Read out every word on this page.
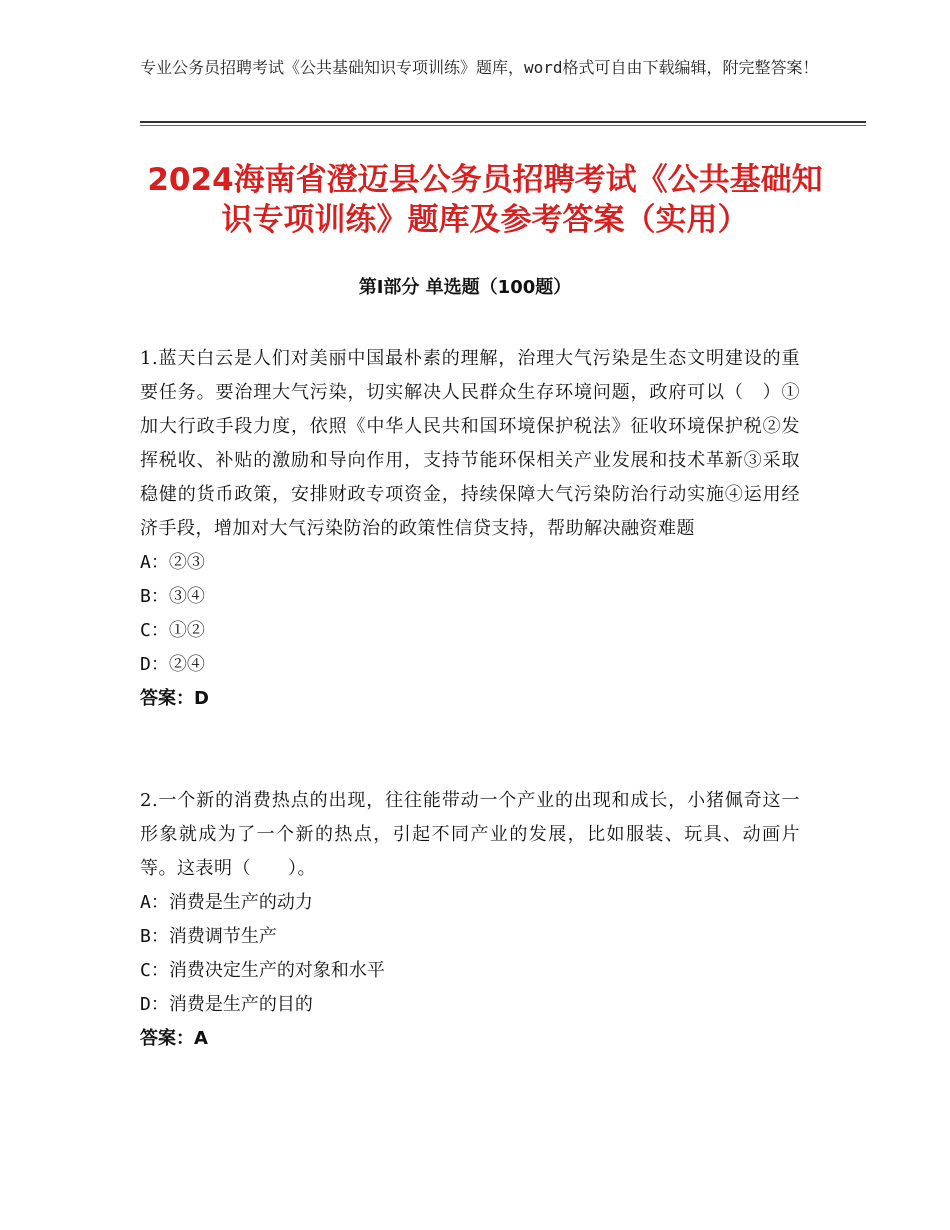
专业公务员招聘考试《公共基础知识专项训练》题库，word格式可自由下载编辑，附完整答案！
2024海南省澄迈县公务员招聘考试《公共基础知识专项训练》题库及参考答案（实用）
第Ⅰ部分 单选题（100题）
1.蓝天白云是人们对美丽中国最朴素的理解，治理大气污染是生态文明建设的重要任务。要治理大气污染，切实解决人民群众生存环境问题，政府可以（　）①加大行政手段力度，依照《中华人民共和国环境保护税法》征收环境保护税②发挥税收、补贴的激励和导向作用，支持节能环保相关产业发展和技术革新③采取稳健的货币政策，安排财政专项资金，持续保障大气污染防治行动实施④运用经济手段，增加对大气污染防治的政策性信贷支持，帮助解决融资难题
A：②③
B：③④
C：①②
D：②④
答案：D
2.一个新的消费热点的出现，往往能带动一个产业的出现和成长，小猪佩奇这一形象就成为了一个新的热点，引起不同产业的发展，比如服装、玩具、动画片等。这表明（　　）。
A：消费是生产的动力
B：消费调节生产
C：消费决定生产的对象和水平
D：消费是生产的目的
答案：A
